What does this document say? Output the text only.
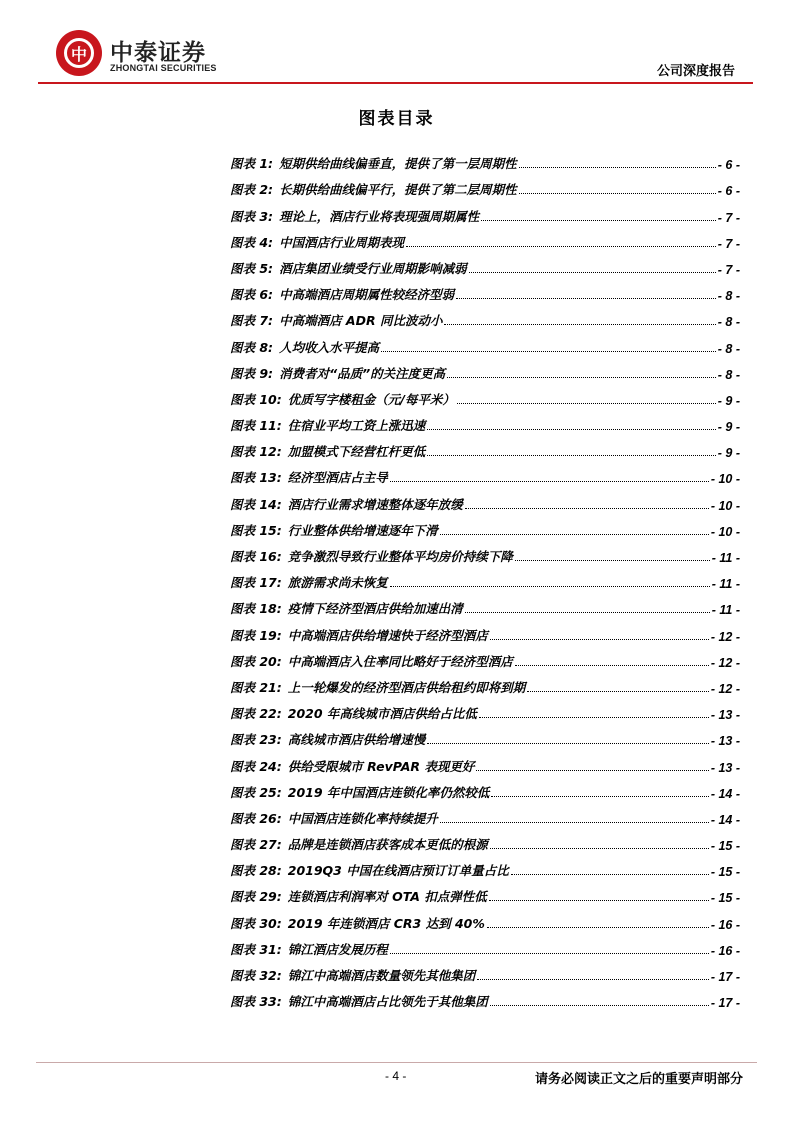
中	中泰证券
ZHONGTAI SECURITIES	公司深度报告
图表目录
图表 1: 短期供给曲线偏垂直，提供了第一层周期性	- 6 -
图表 2: 长期供给曲线偏平行，提供了第二层周期性	- 6 -
图表 3: 理论上，酒店行业将表现强周期属性	- 7 -
图表 4: 中国酒店行业周期表现	- 7 -
图表 5: 酒店集团业绩受行业周期影响减弱	- 7 -
图表 6: 中高端酒店周期属性较经济型弱	- 8 -
图表 7: 中高端酒店 ADR 同比波动小	- 8 -
图表 8: 人均收入水平提高	- 8 -
图表 9: 消费者对“品质”的关注度更高	- 8 -
图表 10: 优质写字楼租金（元/每平米）	- 9 -
图表 11: 住宿业平均工资上涨迅速	- 9 -
图表 12: 加盟模式下经营杠杆更低	- 9 -
图表 13: 经济型酒店占主导	- 10 -
图表 14: 酒店行业需求增速整体逐年放缓	- 10 -
图表 15: 行业整体供给增速逐年下滑	- 10 -
图表 16: 竞争激烈导致行业整体平均房价持续下降	- 11 -
图表 17: 旅游需求尚未恢复	- 11 -
图表 18: 疫情下经济型酒店供给加速出清	- 11 -
图表 19: 中高端酒店供给增速快于经济型酒店	- 12 -
图表 20: 中高端酒店入住率同比略好于经济型酒店	- 12 -
图表 21: 上一轮爆发的经济型酒店供给租约即将到期	- 12 -
图表 22: 2020 年高线城市酒店供给占比低	- 13 -
图表 23: 高线城市酒店供给增速慢	- 13 -
图表 24: 供给受限城市 RevPAR 表现更好	- 13 -
图表 25: 2019 年中国酒店连锁化率仍然较低	- 14 -
图表 26: 中国酒店连锁化率持续提升	- 14 -
图表 27: 品牌是连锁酒店获客成本更低的根源	- 15 -
图表 28: 2019Q3 中国在线酒店预订订单量占比	- 15 -
图表 29: 连锁酒店利润率对 OTA 扣点弹性低	- 15 -
图表 30: 2019 年连锁酒店 CR3 达到 40%	- 16 -
图表 31: 锦江酒店发展历程	- 16 -
图表 32: 锦江中高端酒店数量领先其他集团	- 17 -
图表 33: 锦江中高端酒店占比领先于其他集团	- 17 -
- 4 -	请务必阅读正文之后的重要声明部分
